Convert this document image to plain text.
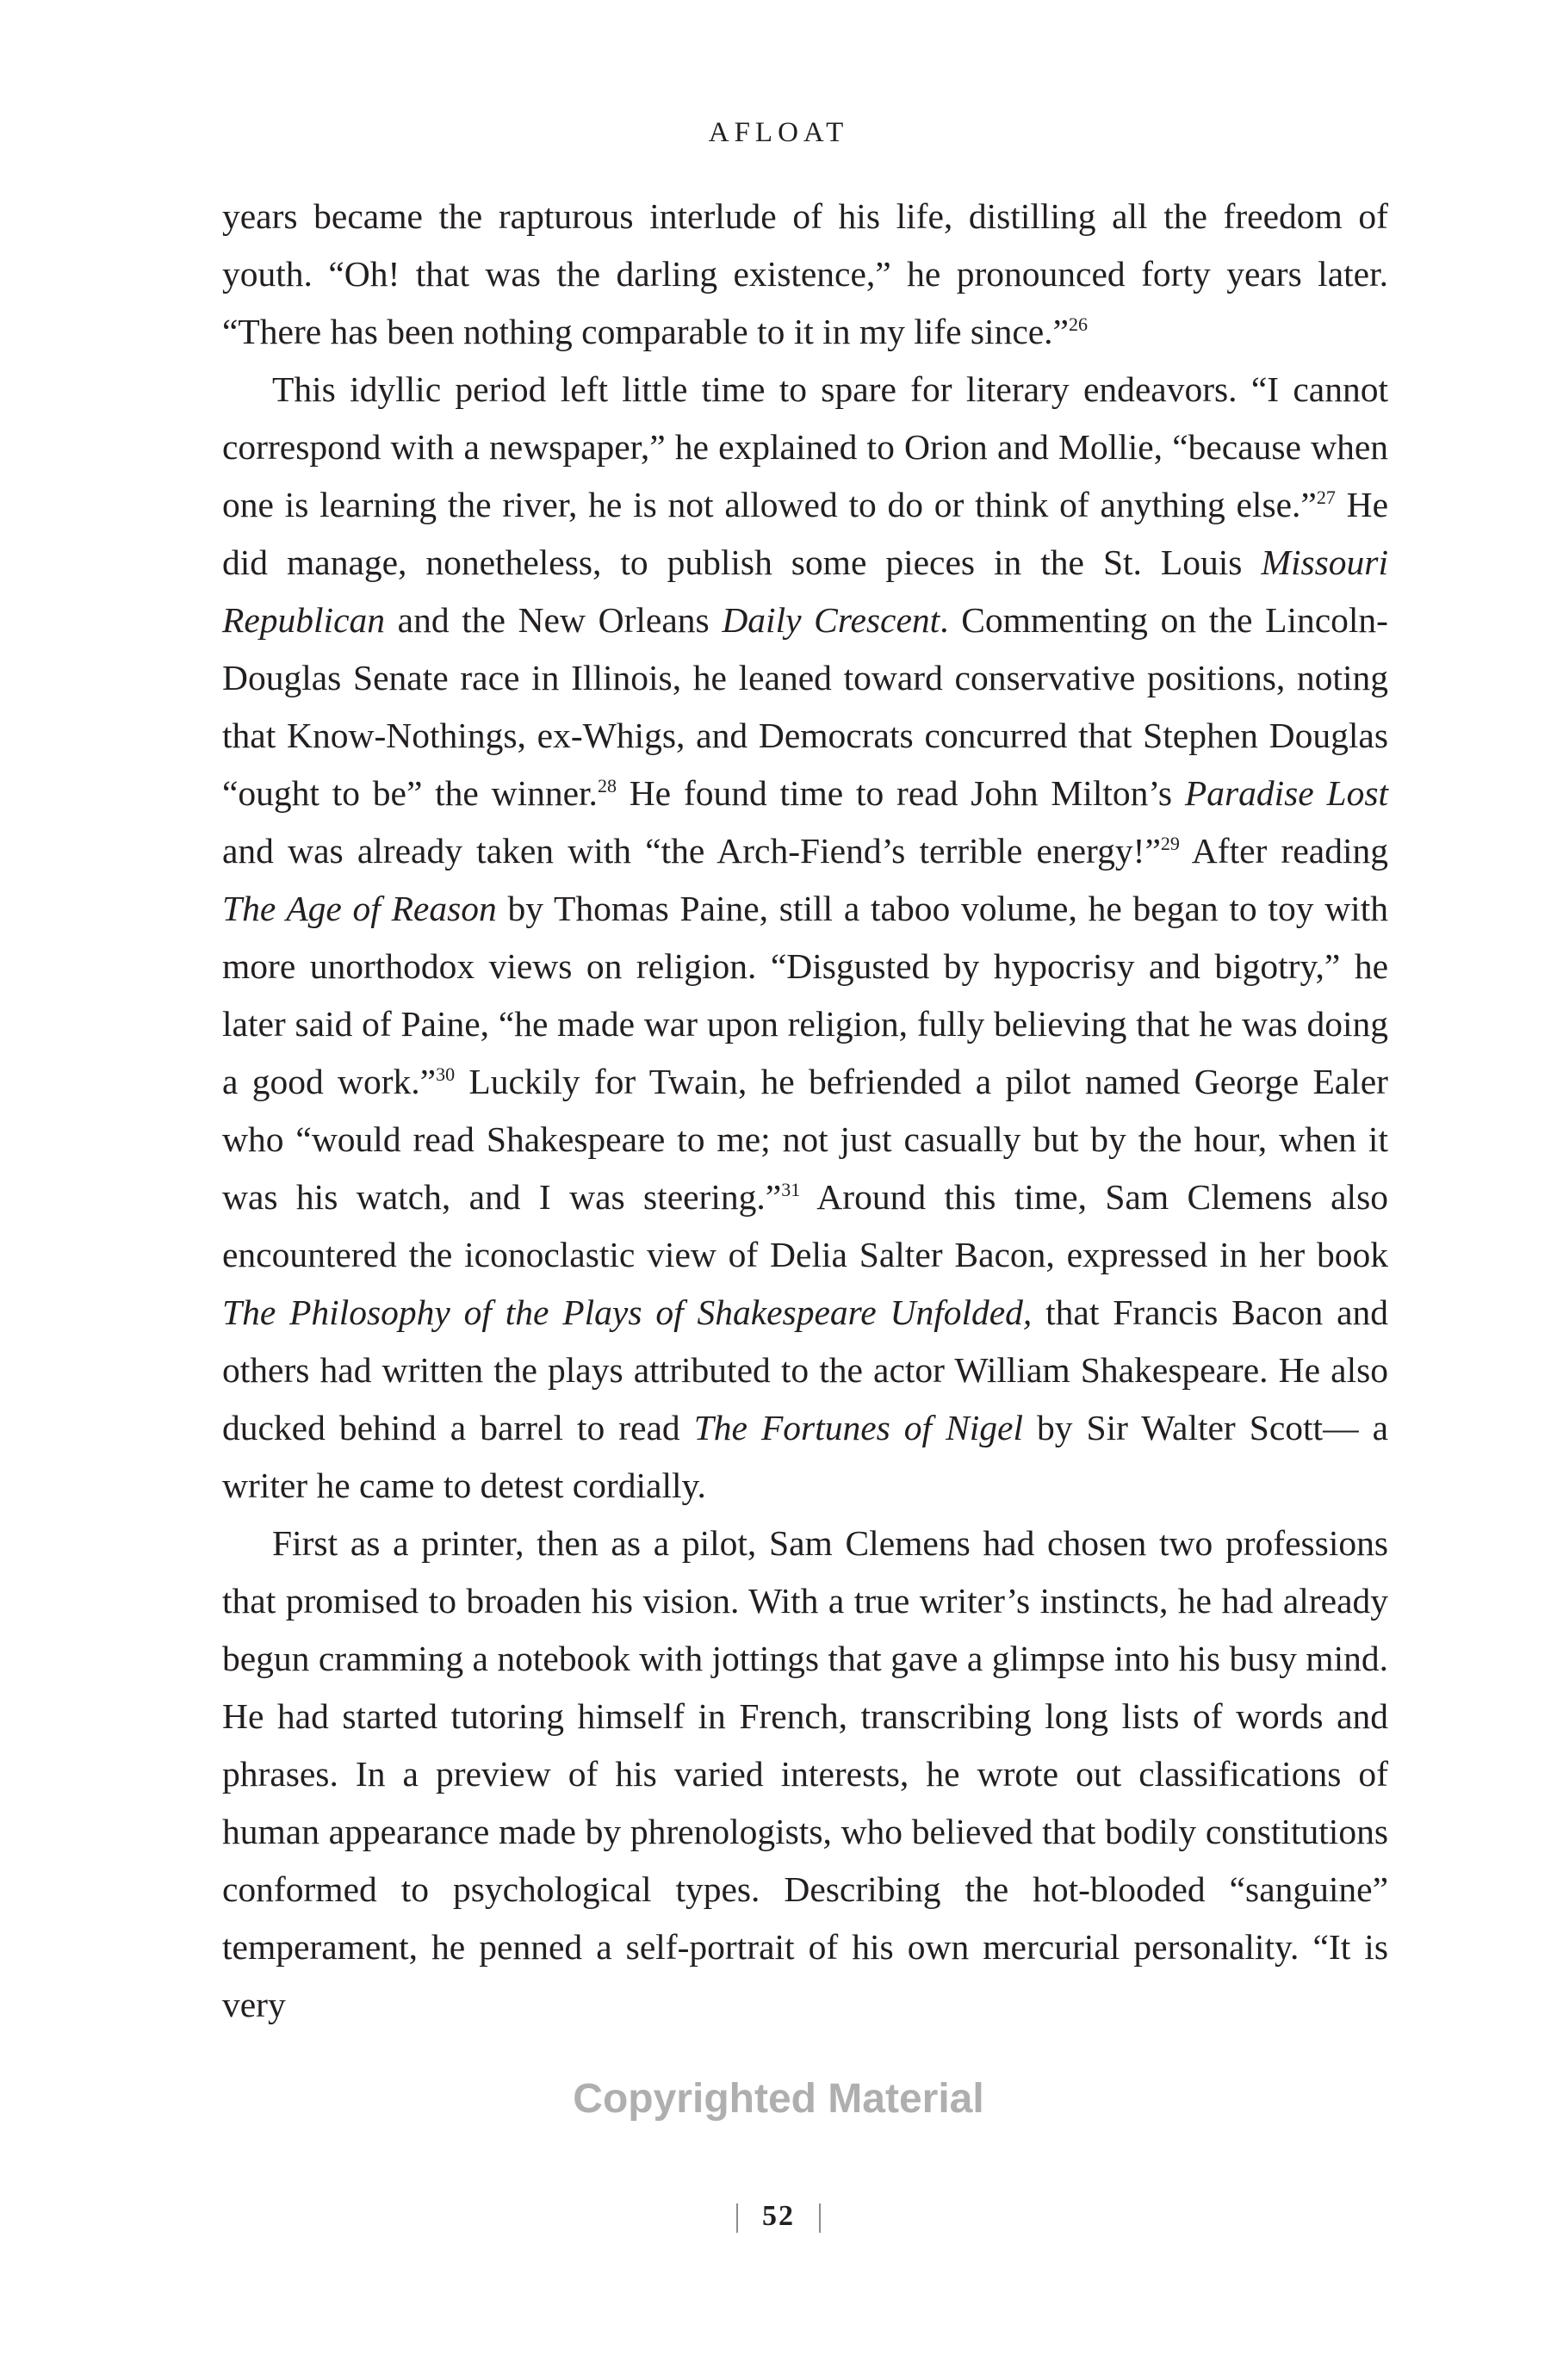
AFLOAT

years became the rapturous interlude of his life, distilling all the freedom of youth. “Oh! that was the darling existence,” he pronounced forty years later. “There has been nothing comparable to it in my life since.”$^{26}$

This idyllic period left little time to spare for literary endeavors. “I cannot correspond with a newspaper,” he explained to Orion and Mollie, “because when one is learning the river, he is not allowed to do or think of anything else.”$^{27}$ He did manage, nonetheless, to publish some pieces in the St. Louis Missouri Republican and the New Orleans Daily Crescent. Commenting on the Lincoln-Douglas Senate race in Illinois, he leaned toward conservative positions, noting that Know-Nothings, ex-Whigs, and Democrats concurred that Stephen Douglas “ought to be” the winner.$^{28}$ He found time to read John Milton’s Paradise Lost and was already taken with “the Arch-Fiend’s terrible energy!”$^{29}$ After reading The Age of Reason by Thomas Paine, still a taboo volume, he began to toy with more unorthodox views on religion. “Disgusted by hypocrisy and bigotry,” he later said of Paine, “he made war upon religion, fully believing that he was doing a good work.”$^{30}$ Luckily for Twain, he befriended a pilot named George Ealer who “would read Shakespeare to me; not just casually but by the hour, when it was his watch, and I was steering.”$^{31}$ Around this time, Sam Clemens also encountered the iconoclastic view of Delia Salter Bacon, expressed in her book The Philosophy of the Plays of Shakespeare Unfolded, that Francis Bacon and others had written the plays attributed to the actor William Shakespeare. He also ducked behind a barrel to read The Fortunes of Nigel by Sir Walter Scott— a writer he came to detest cordially.

First as a printer, then as a pilot, Sam Clemens had chosen two professions that promised to broaden his vision. With a true writer’s instincts, he had already begun cramming a notebook with jottings that gave a glimpse into his busy mind. He had started tutoring himself in French, transcribing long lists of words and phrases. In a preview of his varied interests, he wrote out classifications of human appearance made by phrenologists, who believed that bodily constitutions conformed to psychological types. Describing the hot-blooded “sanguine” temperament, he penned a self-portrait of his own mercurial personality. “It is very

Copyrighted Material
52
